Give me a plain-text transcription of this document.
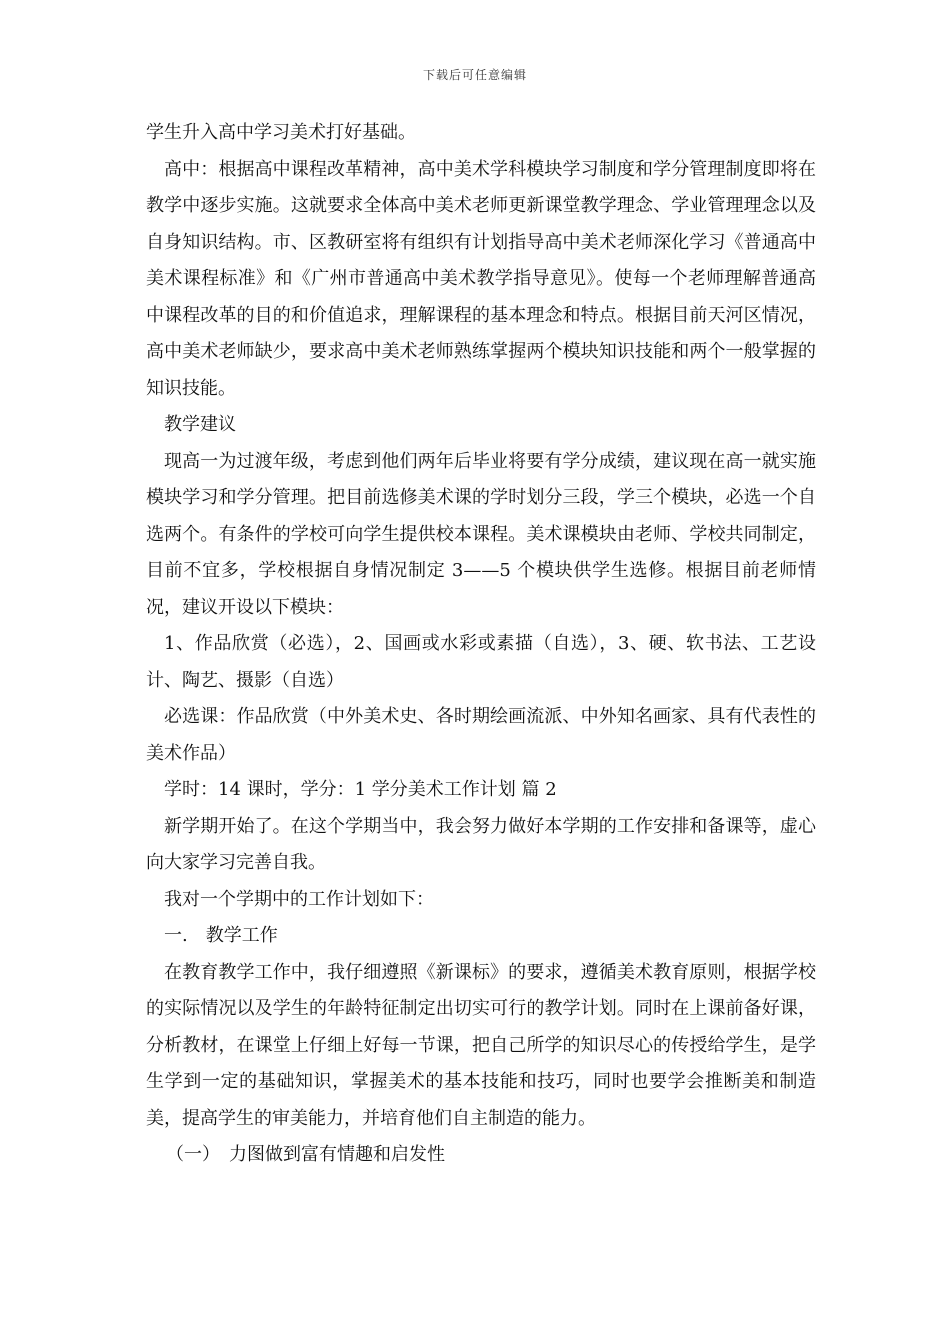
下载后可任意编辑

学生升入高中学习美术打好基础。

高中：根据高中课程改革精神，高中美术学科模块学习制度和学分管理制度即将在教学中逐步实施。这就要求全体高中美术老师更新课堂教学理念、学业管理理念以及自身知识结构。市、区教研室将有组织有计划指导高中美术老师深化学习《普通高中美术课程标准》和《广州市普通高中美术教学指导意见》。使每一个老师理解普通高中课程改革的目的和价值追求，理解课程的基本理念和特点。根据目前天河区情况，高中美术老师缺少，要求高中美术老师熟练掌握两个模块知识技能和两个一般掌握的知识技能。

教学建议

现高一为过渡年级，考虑到他们两年后毕业将要有学分成绩，建议现在高一就实施模块学习和学分管理。把目前选修美术课的学时划分三段，学三个模块，必选一个自选两个。有条件的学校可向学生提供校本课程。美术课模块由老师、学校共同制定，目前不宜多，学校根据自身情况制定 3——5 个模块供学生选修。根据目前老师情况，建议开设以下模块：

1、作品欣赏（必选），2、国画或水彩或素描（自选），3、硬、软书法、工艺设计、陶艺、摄影（自选）

必选课：作品欣赏（中外美术史、各时期绘画流派、中外知名画家、具有代表性的美术作品）

学时：14 课时，学分：1 学分美术工作计划 篇 2

新学期开始了。在这个学期当中，我会努力做好本学期的工作安排和备课等，虚心向大家学习完善自我。

我对一个学期中的工作计划如下：

一.　教学工作

在教育教学工作中，我仔细遵照《新课标》的要求，遵循美术教育原则，根据学校的实际情况以及学生的年龄特征制定出切实可行的教学计划。同时在上课前备好课，分析教材，在课堂上仔细上好每一节课，把自己所学的知识尽心的传授给学生，是学生学到一定的基础知识，掌握美术的基本技能和技巧，同时也要学会推断美和制造美，提高学生的审美能力，并培育他们自主制造的能力。

（一）　力图做到富有情趣和启发性
